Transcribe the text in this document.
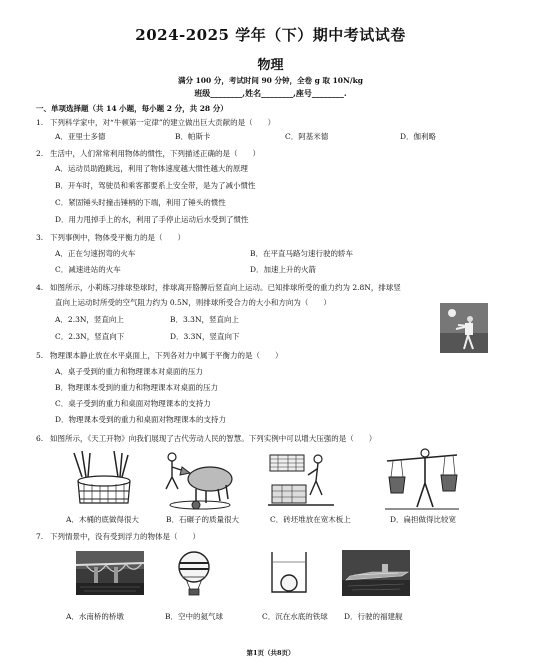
2024-2025 学年（下）期中考试试卷
物理
满分 100 分，考试时间 90 分钟，全卷 g 取 10N/kg
班级________,姓名________,座号________.
一、单项选择题（共 14 小题，每小题 2 分，共 28 分）
1. 下列科学家中，对“牛顿第一定律”的建立做出巨大贡献的是（　　）
A．亚里士多德	B．帕斯卡	C．阿基米德	D．伽利略
2. 生活中，人们常常利用物体的惯性，下列描述正确的是（　　）
A．运动员助跑跳远，利用了物体速度越大惯性越大的原理
B．开车时，驾驶员和乘客都要系上安全带，是为了减小惯性
C．紧固锤头时撞击锤柄的下端，利用了锤头的惯性
D．用力甩掉手上的水，利用了手停止运动后水受到了惯性
3. 下列事例中，物体受平衡力的是（　　）
A．正在匀速拐弯的火车	B．在平直马路匀速行驶的轿车
C．减速进站的火车	D．加速上升的火箭
4. 如图所示，小莉练习排球垫球时，排球离开胳膊后竖直向上运动。已知排球所受的重力约为 2.8N，排球竖
直向上运动时所受的空气阻力约为 0.5N，则排球所受合力的大小和方向为（　　）
A．2.3N，竖直向上	B．3.3N，竖直向上
C．2.3N，竖直向下	D．3.3N，竖直向下
5. 物理课本静止放在水平桌面上，下列各对力中属于平衡力的是（　　）
A．桌子受到的重力和物理课本对桌面的压力
B．物理课本受到的重力和物理课本对桌面的压力
C．桌子受到的重力和桌面对物理课本的支持力
D．物理课本受到的重力和桌面对物理课本的支持力
6. 如图所示，《天工开物》向我们展现了古代劳动人民的智慧。下列实例中可以增大压强的是（　　）
A．木桶的底做得很大	B．石碾子的质量很大	C．砖坯堆放在宽木板上	D．扁担做得比较宽
7. 下列情景中，没有受到浮力的物体是（　　）
A．水南桥的桥墩	B．空中的氦气球	C．沉在水底的铁球 D．行驶的福建舰
第1页（共8页）
